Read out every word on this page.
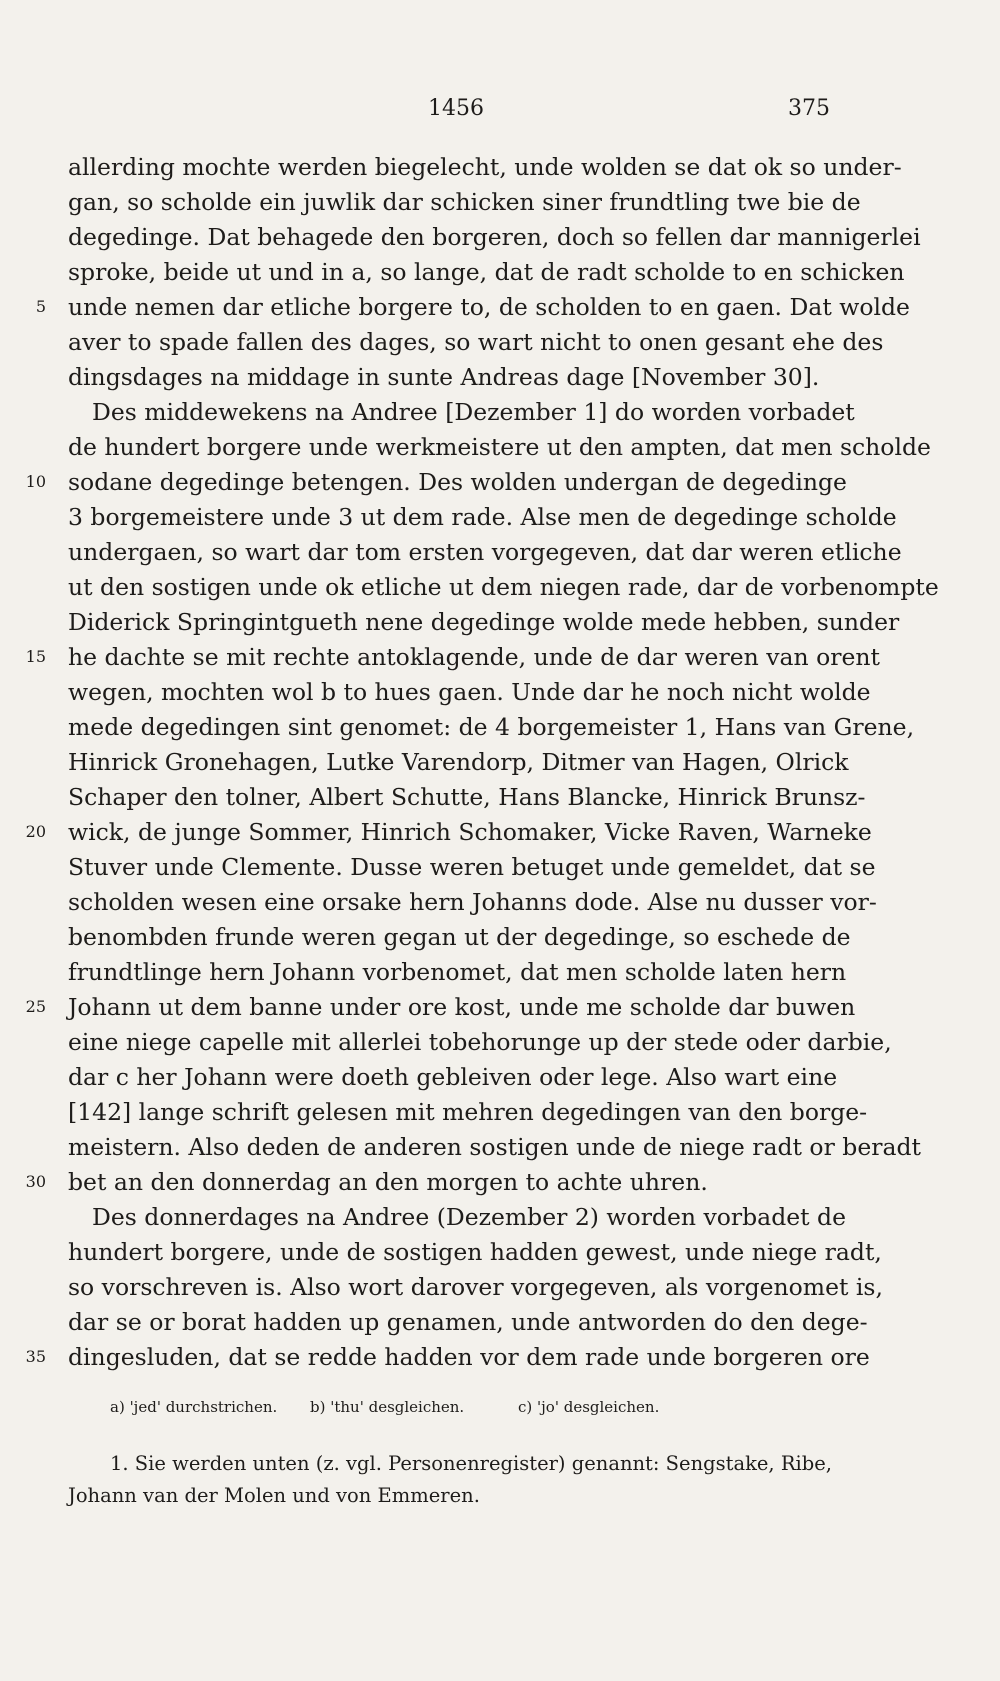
1456	375
allerding mochte werden biegelecht, unde wolden se dat ok so under-
gan, so scholde ein juwlik dar schicken siner frundtling twe bie de
degedinge. Dat behagede den borgeren, doch so fellen dar mannigerlei
sproke, beide ut und in a, so lange, dat de radt scholde to en schicken
unde nemen dar etliche borgere to, de scholden to en gaen. Dat wolde
aver to spade fallen des dages, so wart nicht to onen gesant ehe des
dingsdages na middage in sunte Andreas dage [November 30].
Des middewekens na Andree [Dezember 1] do worden vorbadet
de hundert borgere unde werkmeistere ut den ampten, dat men scholde
sodane degedinge betengen. Des wolden undergan de degedinge
3 borgemeistere unde 3 ut dem rade. Alse men de degedinge scholde
undergaen, so wart dar tom ersten vorgegeven, dat dar weren etliche
ut den sostigen unde ok etliche ut dem niegen rade, dar de vorbenompte
Diderick Springintgueth nene degedinge wolde mede hebben, sunder
he dachte se mit rechte antoklagende, unde de dar weren van orent
wegen, mochten wol b to hues gaen. Unde dar he noch nicht wolde
mede degedingen sint genomet: de 4 borgemeister 1, Hans van Grene,
Hinrick Gronehagen, Lutke Varendorp, Ditmer van Hagen, Olrick
Schaper den tolner, Albert Schutte, Hans Blancke, Hinrick Brunsz-
wick, de junge Sommer, Hinrich Schomaker, Vicke Raven, Warneke
Stuver unde Clemente. Dusse weren betuget unde gemeldet, dat se
scholden wesen eine orsake hern Johanns dode. Alse nu dusser vor-
benombden frunde weren gegan ut der degedinge, so eschede de
frundtlinge hern Johann vorbenomet, dat men scholde laten hern
Johann ut dem banne under ore kost, unde me scholde dar buwen
eine niege capelle mit allerlei tobehorunge up der stede oder darbie,
dar c her Johann were doeth gebleiven oder lege. Also wart eine
[142] lange schrift gelesen mit mehren degedingen van den borge-
meistern. Also deden de anderen sostigen unde de niege radt or beradt
bet an den donnerdag an den morgen to achte uhren.
Des donnerdages na Andree (Dezember 2) worden vorbadet de
hundert borgere, unde de sostigen hadden gewest, unde niege radt,
so vorschreven is. Also wort darover vorgegeven, als vorgenomet is,
dar se or borat hadden up genamen, unde antworden do den dege-
dingesluden, dat se redde hadden vor dem rade unde borgeren ore
5
10
15
20
25
30
35
a) 'jed' durchstrichen. b) 'thu' desgleichen.	c) 'jo' desgleichen.
1. Sie werden unten (z. vgl. Personenregister) genannt: Sengstake, Ribe,
Johann van der Molen und von Emmeren.
